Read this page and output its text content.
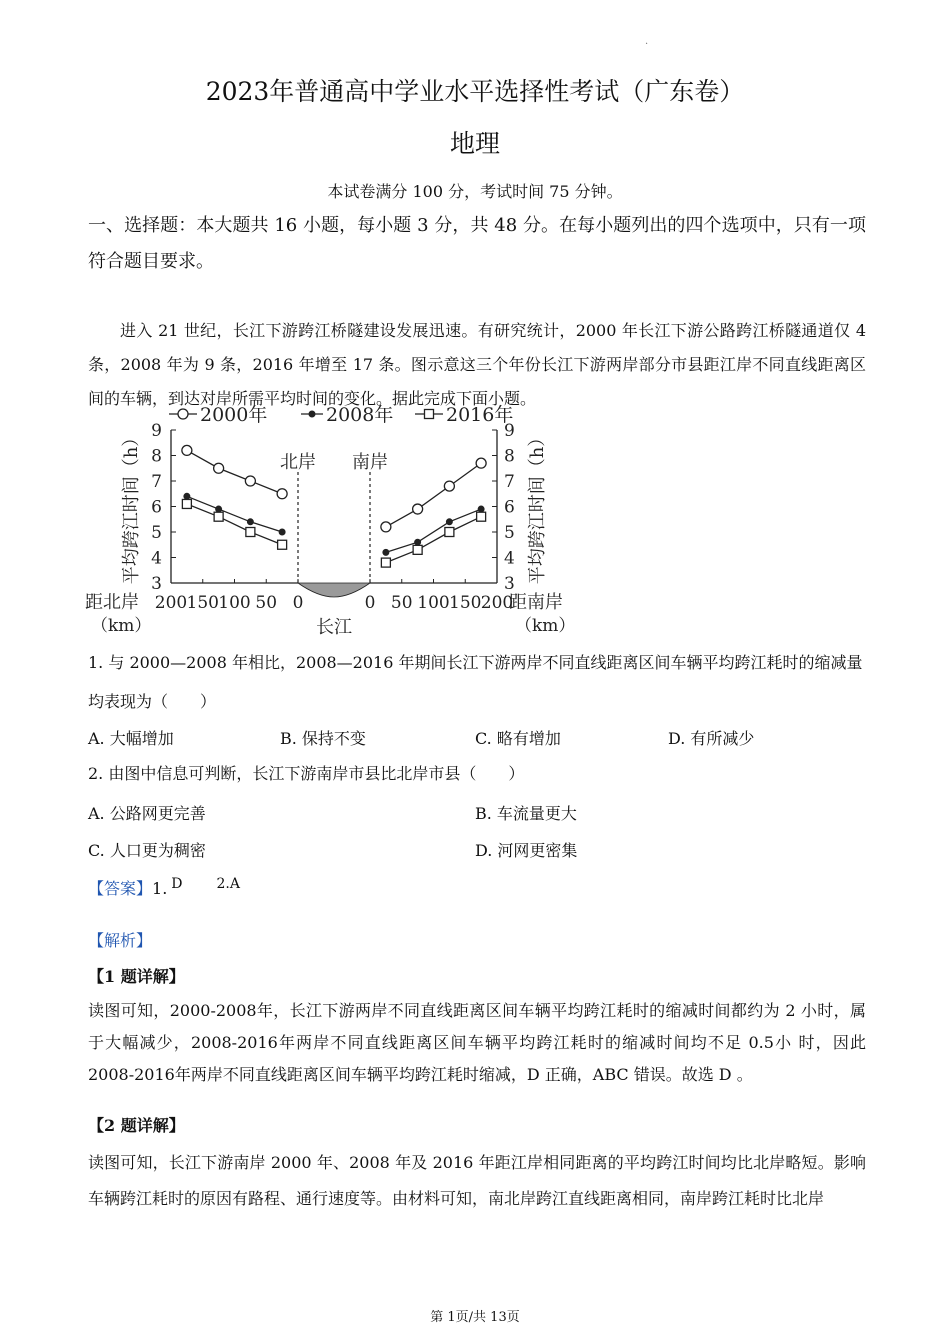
.
2023年普通高中学业水平选择性考试（广东卷）
地理
本试卷满分 100 分，考试时间 75 分钟。

一、选择题：本大题共 16 小题，每小题 3 分，共 48 分。在每小题列出的四个选项中，只有一项符合题目要求。

进入 21 世纪，长江下游跨江桥隧建设发展迅速。有研究统计，2000 年长江下游公路跨江桥隧通道仅 4 条，2008 年为 9 条，2016 年增至 17 条。图示意这三个年份长江下游两岸部分市县距江岸不同直线距离区间的车辆，到达对岸所需平均时间的变化。据此完成下面小题。

3	3
4	4
5	5
6	6
7	7
8	8
9	9
200 150 100 50 0	0 50 100 150 200
北岸 南岸
长江
平均跨江时间（h）	平均跨江时间（h）
距北岸
（km）
距南岸
（km）
2000年	2008年	2016年

1. 与 2000—2008 年相比，2008—2016 年期间长江下游两岸不同直线距离区间车辆平均跨江耗时的缩减量

均表现为（　　）

A. 大幅增加	B. 保持不变	C. 略有增加	D. 有所减少

2. 由图中信息可判断，长江下游南岸市县比北岸市县（　　）

A. 公路网更完善	B. 车流量更大
C. 人口更为稠密	D. 河网更密集
【答案】1. D 2.A
【解析】
【1 题详解】

读图可知，2000-2008年，长江下游两岸不同直线距离区间车辆平均跨江耗时的缩减时间都约为 2 小时，属于大幅减少，2008-2016年两岸不同直线距离区间车辆平均跨江耗时的缩减时间均不足 0.5小 时，因此 2008-2016年两岸不同直线距离区间车辆平均跨江耗时缩减，D 正确，ABC 错误。故选 D 。

【2 题详解】

读图可知，长江下游南岸 2000 年、2008 年及 2016 年距江岸相同距离的平均跨江时间均比北岸略短。影响车辆跨江耗时的原因有路程、通行速度等。由材料可知，南北岸跨江直线距离相同，南岸跨江耗时比北岸

第 1页/共 13页
